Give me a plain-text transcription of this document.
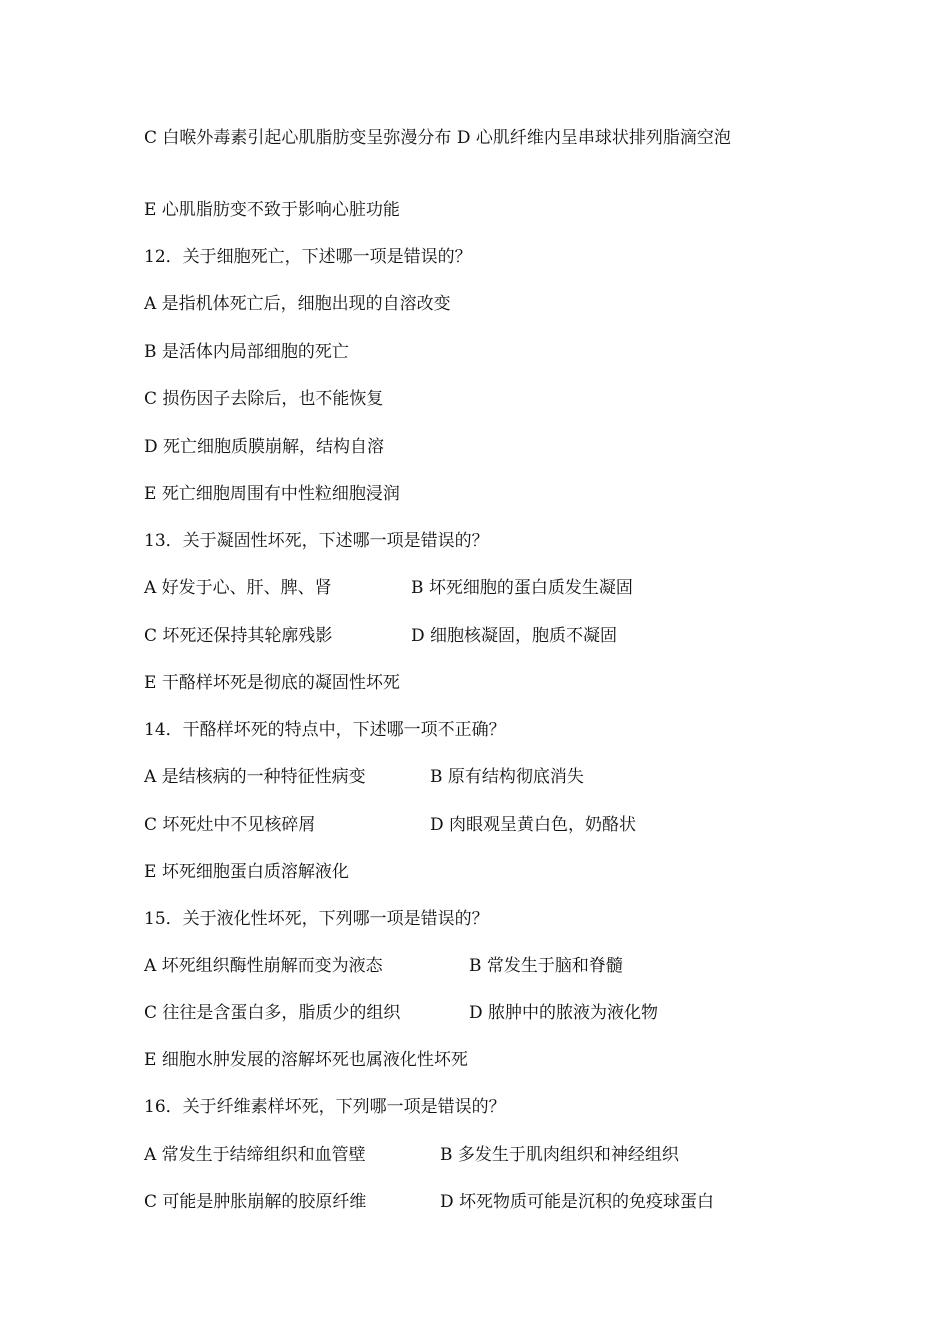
C 白喉外毒素引起心肌脂肪变呈弥漫分布 D 心肌纤维内呈串球状排列脂滴空泡
E 心肌脂肪变不致于影响心脏功能
12．关于细胞死亡，下述哪一项是错误的？
A 是指机体死亡后，细胞出现的自溶改变
B 是活体内局部细胞的死亡
C 损伤因子去除后，也不能恢复
D 死亡细胞质膜崩解，结构自溶
E 死亡细胞周围有中性粒细胞浸润
13．关于凝固性坏死，下述哪一项是错误的？
A 好发于心、肝、脾、肾	B 坏死细胞的蛋白质发生凝固
C 坏死还保持其轮廓残影	D 细胞核凝固，胞质不凝固
E 干酪样坏死是彻底的凝固性坏死
14．干酪样坏死的特点中，下述哪一项不正确？
A 是结核病的一种特征性病变	B 原有结构彻底消失
C 坏死灶中不见核碎屑	D 肉眼观呈黄白色，奶酪状
E 坏死细胞蛋白质溶解液化
15．关于液化性坏死，下列哪一项是错误的？
A 坏死组织酶性崩解而变为液态	B 常发生于脑和脊髓
C 往往是含蛋白多，脂质少的组织	D 脓肿中的脓液为液化物
E 细胞水肿发展的溶解坏死也属液化性坏死
16．关于纤维素样坏死，下列哪一项是错误的？
A 常发生于结缔组织和血管壁	B 多发生于肌肉组织和神经组织
C 可能是肿胀崩解的胶原纤维	D 坏死物质可能是沉积的免疫球蛋白
